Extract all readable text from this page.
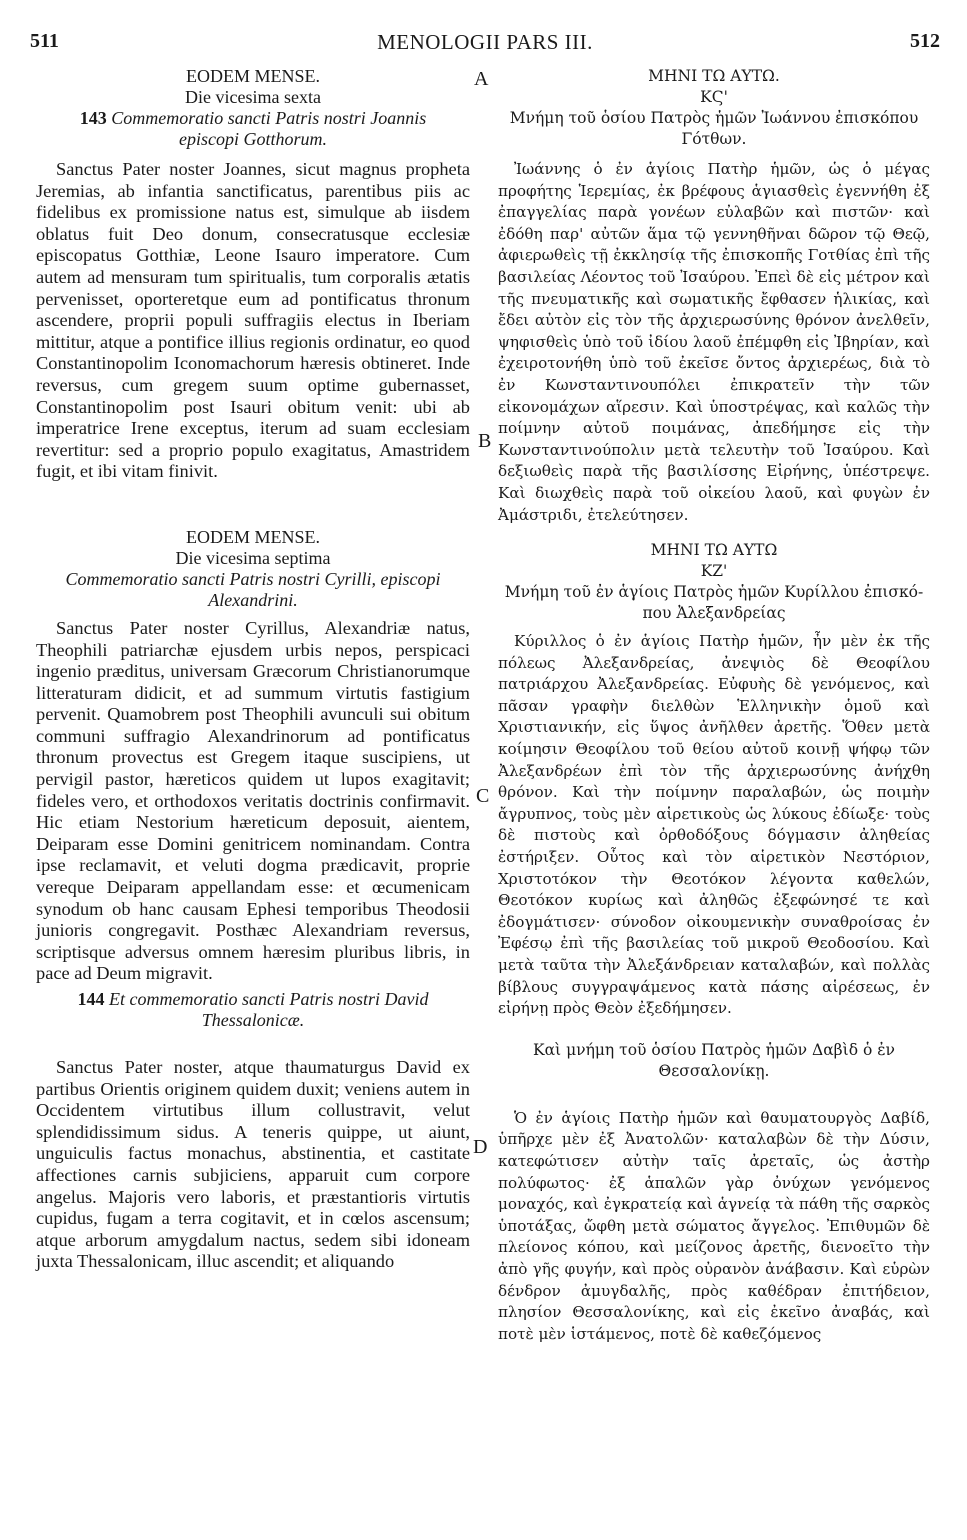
511	MENOLOGII PARS III.	512
A
B
C
D
EODEM MENSE.
Die vicesima sexta
143 Commemoratio sancti Patris nostri Joannis
episcopi Gotthorum.

Sanctus Pater noster Joannes, sicut magnus propheta Jeremias, ab infantia sanctificatus, parentibus piis ac fidelibus ex promissione natus est, simulque ab iisdem oblatus fuit Deo donum, consecratusque ecclesiæ episcopatus Gotthiæ, Leone Isauro imperatore. Cum autem ad mensuram tum spiritualis, tum corporalis ætatis pervenisset, oporteretque eum ad pontificatus thronum ascendere, proprii populi suffragiis electus in Iberiam mittitur, atque a pontifice illius regionis ordinatur, eo quod Constantinopolim Iconomachorum hæresis obtineret. Inde reversus, cum gregem suum optime gubernasset, Constantinopolim post Isauri obitum venit: ubi ab imperatrice Irene exceptus, iterum ad suam ecclesiam revertitur: sed a proprio populo exagitatus, Amastridem fugit, et ibi vitam finivit.

EODEM MENSE.
Die vicesima septima
Commemoratio sancti Patris nostri Cyrilli, episcopi
Alexandrini.

Sanctus Pater noster Cyrillus, Alexandriæ natus, Theophili patriarchæ ejusdem urbis nepos, perspicaci ingenio præditus, universam Græcorum Christianorumque litteraturam didicit, et ad summum virtutis fastigium pervenit. Quamobrem post Theophili avunculi sui obitum communi suffragio Alexandrinorum ad pontificatus thronum provectus est Gregem itaque suscipiens, ut pervigil pastor, hæreticos quidem ut lupos exagitavit; fideles vero, et orthodoxos veritatis doctrinis confirmavit. Hic etiam Nestorium hæreticum deposuit, aientem, Deiparam esse Domini genitricem nominandam. Contra ipse reclamavit, et veluti dogma prædicavit, proprie vereque Deiparam appellandam esse: et œcumenicam synodum ob hanc causam Ephesi temporibus Theodosii junioris congregavit. Posthæc Alexandriam reversus, scriptisque adversus omnem hæresim pluribus libris, in pace ad Deum migravit.

144 Et commemoratio sancti Patris nostri David
Thessalonicæ.

Sanctus Pater noster, atque thaumaturgus David ex partibus Orientis originem quidem duxit; veniens autem in Occidentem virtutibus illum collustravit, velut splendidissimum sidus. A teneris quippe, ut aiunt, unguiculis factus monachus, abstinentia, et castitate affectiones carnis subjiciens, apparuit cum corpore angelus. Majoris vero laboris, et præstantioris virtutis cupidus, fugam a terra cogitavit, et in cœlos ascensum; atque arborum amygdalum nactus, sedem sibi idoneam juxta Thessalonicam, illuc ascendit; et aliquando

ΜΗΝΙ ΤΩ ΑΥΤΩ.
ΚϚ'
Μνήμη τοῦ ὁσίου Πατρὸς ἡμῶν Ἰωάννου ἐπισκόπου
Γότθων.

Ἰωάννης ὁ ἐν ἁγίοις Πατὴρ ἡμῶν, ὡς ὁ μέγας προφήτης Ἱερεμίας, ἐκ βρέφους ἁγιασθεὶς ἐγεννήθη ἐξ ἐπαγγελίας παρὰ γονέων εὐλαβῶν καὶ πιστῶν· καὶ ἐδόθη παρ' αὐτῶν ἅμα τῷ γεννηθῆναι δῶρον τῷ Θεῷ, ἀφιερωθεὶς τῇ ἐκκλησίᾳ τῆς ἐπισκοπῆς Γοτθίας ἐπὶ τῆς βασιλείας Λέοντος τοῦ Ἰσαύρου. Ἐπεὶ δὲ εἰς μέτρον καὶ τῆς πνευματικῆς καὶ σωματικῆς ἔφθασεν ἡλικίας, καὶ ἔδει αὐτὸν εἰς τὸν τῆς ἀρχιερωσύνης θρόνον ἀνελθεῖν, ψηφισθεὶς ὑπὸ τοῦ ἰδίου λαοῦ ἐπέμφθη εἰς Ἰβηρίαν, καὶ ἐχειροτονήθη ὑπὸ τοῦ ἐκεῖσε ὄντος ἀρχιερέως, διὰ τὸ ἐν Κωνσταντινουπόλει ἐπικρατεῖν τὴν τῶν εἰκονομάχων αἵρεσιν. Καὶ ὑποστρέψας, καὶ καλῶς τὴν ποίμνην αὐτοῦ ποιμάνας, ἀπεδήμησε εἰς τὴν Κωνσταντινούπολιν μετὰ τελευτὴν τοῦ Ἰσαύρου. Καὶ δεξιωθεὶς παρὰ τῆς βασιλίσσης Εἰρήνης, ὑπέστρεψε. Καὶ διωχθεὶς παρὰ τοῦ οἰκείου λαοῦ, καὶ φυγὼν ἐν Ἀμάστριδι, ἐτελεύτησεν.

ΜΗΝΙ ΤΩ ΑΥΤΩ
ΚΖ'
Μνήμη τοῦ ἐν ἁγίοις Πατρὸς ἡμῶν Κυρίλλου ἐπισκό-
που Ἀλεξανδρείας

Κύριλλος ὁ ἐν ἁγίοις Πατὴρ ἡμῶν, ἦν μὲν ἐκ τῆς πόλεως Ἀλεξανδρείας, ἀνεψιὸς δὲ Θεοφίλου πατριάρχου Ἀλεξανδρείας. Εὐφυὴς δὲ γενόμενος, καὶ πᾶσαν γραφὴν διελθὼν Ἑλληνικὴν ὁμοῦ καὶ Χριστιανικήν, εἰς ὕψος ἀνῆλθεν ἀρετῆς. Ὅθεν μετὰ κοίμησιν Θεοφίλου τοῦ θείου αὐτοῦ κοινῇ ψήφῳ τῶν Ἀλεξανδρέων ἐπὶ τὸν τῆς ἀρχιερωσύνης ἀνήχθη θρόνον. Καὶ τὴν ποίμνην παραλαβών, ὡς ποιμὴν ἄγρυπνος, τοὺς μὲν αἱρετικοὺς ὡς λύκους ἐδίωξε· τοὺς δὲ πιστοὺς καὶ ὀρθοδόξους δόγμασιν ἀληθείας ἐστήριξεν. Οὗτος καὶ τὸν αἱρετικὸν Νεστόριον, Χριστοτόκον τὴν Θεοτόκον λέγοντα καθελών, Θεοτόκον κυρίως καὶ ἀληθῶς ἐξεφώνησέ τε καὶ ἐδογμάτισεν· σύνοδον οἰκουμενικὴν συναθροίσας ἐν Ἐφέσῳ ἐπὶ τῆς βασιλείας τοῦ μικροῦ Θεοδοσίου. Καὶ μετὰ ταῦτα τὴν Ἀλεξάνδρειαν καταλαβών, καὶ πολλὰς βίβλους συγγραψάμενος κατὰ πάσης αἱρέσεως, ἐν εἰρήνῃ πρὸς Θεὸν ἐξεδήμησεν.

Καὶ μνήμη τοῦ ὁσίου Πατρὸς ἡμῶν Δαβὶδ ὁ ἐν
Θεσσαλονίκῃ.

Ὁ ἐν ἁγίοις Πατὴρ ἡμῶν καὶ θαυματουργὸς Δαβίδ, ὑπῆρχε μὲν ἐξ Ἀνατολῶν· καταλαβὼν δὲ τὴν Δύσιν, κατεφώτισεν αὐτὴν ταῖς ἀρεταῖς, ὡς ἀστὴρ πολύφωτος· ἐξ ἁπαλῶν γὰρ ὀνύχων γενόμενος μοναχός, καὶ ἐγκρατείᾳ καὶ ἁγνείᾳ τὰ πάθη τῆς σαρκὸς ὑποτάξας, ὤφθη μετὰ σώματος ἄγγελος. Ἐπιθυμῶν δὲ πλείονος κόπου, καὶ μείζονος ἀρετῆς, διενοεῖτο τὴν ἀπὸ γῆς φυγήν, καὶ πρὸς οὐρανὸν ἀνάβασιν. Καὶ εὑρὼν δένδρον ἀμυγδαλῆς, πρὸς καθέδραν ἐπιτήδειον, πλησίον Θεσσαλονίκης, καὶ εἰς ἐκεῖνο ἀναβάς, καὶ ποτὲ μὲν ἱστάμενος, ποτὲ δὲ καθεζόμενος
